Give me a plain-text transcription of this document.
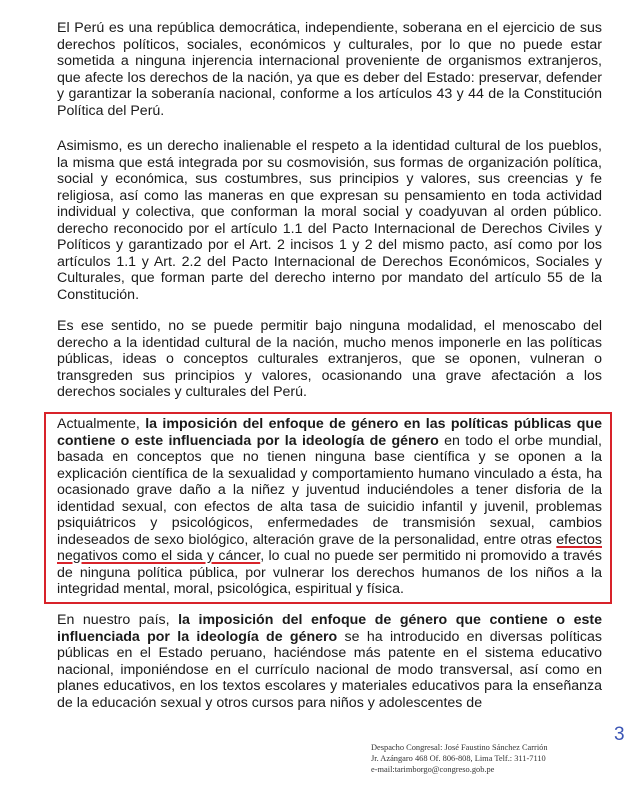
El Perú es una república democrática, independiente, soberana en el ejercicio de sus derechos políticos, sociales, económicos y culturales, por lo que no puede estar sometida a ninguna injerencia internacional proveniente de organismos extranjeros, que afecte los derechos de la nación, ya que es deber del Estado: preservar, defender y garantizar la soberanía nacional, conforme a los artículos 43 y 44 de la Constitución Política del Perú.

Asimismo, es un derecho inalienable el respeto a la identidad cultural de los pueblos, la misma que está integrada por su cosmovisión, sus formas de organización política, social y económica, sus costumbres, sus principios y valores, sus creencias y fe religiosa, así como las maneras en que expresan su pensamiento en toda actividad individual y colectiva, que conforman la moral social y coadyuvan al orden público. derecho reconocido por el artículo 1.1 del Pacto Internacional de Derechos Civiles y Políticos y garantizado por el Art. 2 incisos 1 y 2 del mismo pacto, así como por los artículos 1.1 y Art. 2.2 del Pacto Internacional de Derechos Económicos, Sociales y Culturales, que forman parte del derecho interno por mandato del artículo 55 de la Constitución.

Es ese sentido, no se puede permitir bajo ninguna modalidad, el menoscabo del derecho a la identidad cultural de la nación, mucho menos imponerle en las políticas públicas, ideas o conceptos culturales extranjeros, que se oponen, vulneran o transgreden sus principios y valores, ocasionando una grave afectación a los derechos sociales y culturales del Perú.

Actualmente, la imposición del enfoque de género en las políticas públicas que contiene o este influenciada por la ideología de género en todo el orbe mundial, basada en conceptos que no tienen ninguna base científica y se oponen a la explicación científica de la sexualidad y comportamiento humano vinculado a ésta, ha ocasionado grave daño a la niñez y juventud induciéndoles a tener disforia de la identidad sexual, con efectos de alta tasa de suicidio infantil y juvenil, problemas psiquiátricos y psicológicos, enfermedades de transmisión sexual, cambios indeseados de sexo biológico, alteración grave de la personalidad, entre otras efectos negativos como el sida y cáncer, lo cual no puede ser permitido ni promovido a través de ninguna política pública, por vulnerar los derechos humanos de los niños a la integridad mental, moral, psicológica, espiritual y física.

En nuestro país, la imposición del enfoque de género que contiene o este influenciada por la ideología de género se ha introducido en diversas políticas públicas en el Estado peruano, haciéndose más patente en el sistema educativo nacional, imponiéndose en el currículo nacional de modo transversal, así como en planes educativos, en los textos escolares y materiales educativos para la enseñanza de la educación sexual y otros cursos para niños y adolescentes de

3
Despacho Congresal: José Faustino Sánchez Carrión
Jr. Azángaro 468 Of. 806-808, Lima Telf.: 311-7110
e-mail:tarimborgo@congreso.gob.pe
